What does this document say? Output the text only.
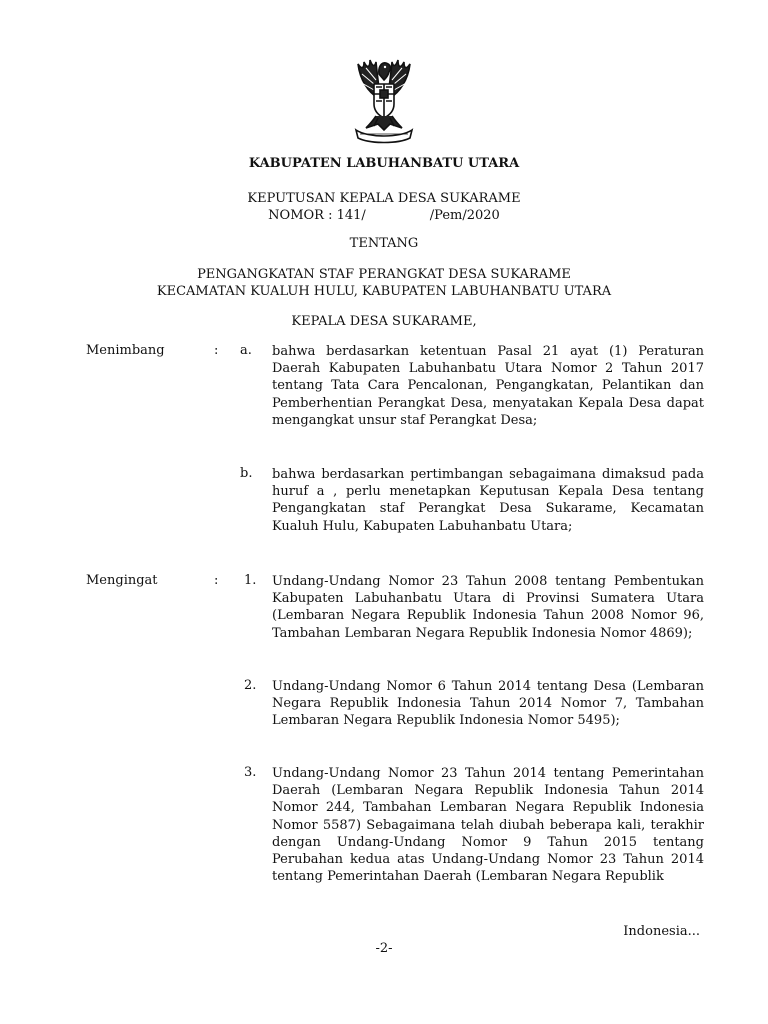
KABUPATEN LABUHANBATU UTARA
KEPUTUSAN KEPALA DESA SUKARAME
NOMOR : 141/	/Pem/2020
TENTANG
PENGANGKATAN STAF PERANGKAT DESA SUKARAME
KECAMATAN KUALUH HULU, KABUPATEN LABUHANBATU UTARA
KEPALA DESA SUKARAME,
Menimbang	: a. bahwa berdasarkan ketentuan Pasal 21 ayat (1) Peraturan Daerah Kabupaten Labuhanbatu Utara Nomor 2 Tahun 2017 tentang Tata Cara Pencalonan, Pengangkatan, Pelantikan dan Pemberhentian Perangkat Desa, menyatakan Kepala Desa dapat mengangkat unsur staf Perangkat Desa;

b. bahwa berdasarkan pertimbangan sebagaimana dimaksud pada huruf a , perlu menetapkan Keputusan Kepala Desa tentang Pengangkatan staf Perangkat Desa Sukarame, Kecamatan Kualuh Hulu, Kabupaten Labuhanbatu Utara;

Mengingat	: 1. Undang-Undang Nomor 23 Tahun 2008 tentang Pembentukan Kabupaten Labuhanbatu Utara di Provinsi Sumatera Utara (Lembaran Negara Republik Indonesia Tahun 2008 Nomor 96, Tambahan Lembaran Negara Republik Indonesia Nomor 4869);

2. Undang-Undang Nomor 6 Tahun 2014 tentang Desa (Lembaran Negara Republik Indonesia Tahun 2014 Nomor 7, Tambahan Lembaran Negara Republik Indonesia Nomor 5495);

3. Undang-Undang Nomor 23 Tahun 2014 tentang Pemerintahan Daerah (Lembaran Negara Republik Indonesia Tahun 2014 Nomor 244, Tambahan Lembaran Negara Republik Indonesia Nomor 5587) Sebagaimana telah diubah beberapa kali, terakhir dengan Undang-Undang Nomor 9 Tahun 2015 tentang Perubahan kedua atas Undang-Undang Nomor 23 Tahun 2014 tentang Pemerintahan Daerah (Lembaran Negara Republik

Indonesia...
-2-
